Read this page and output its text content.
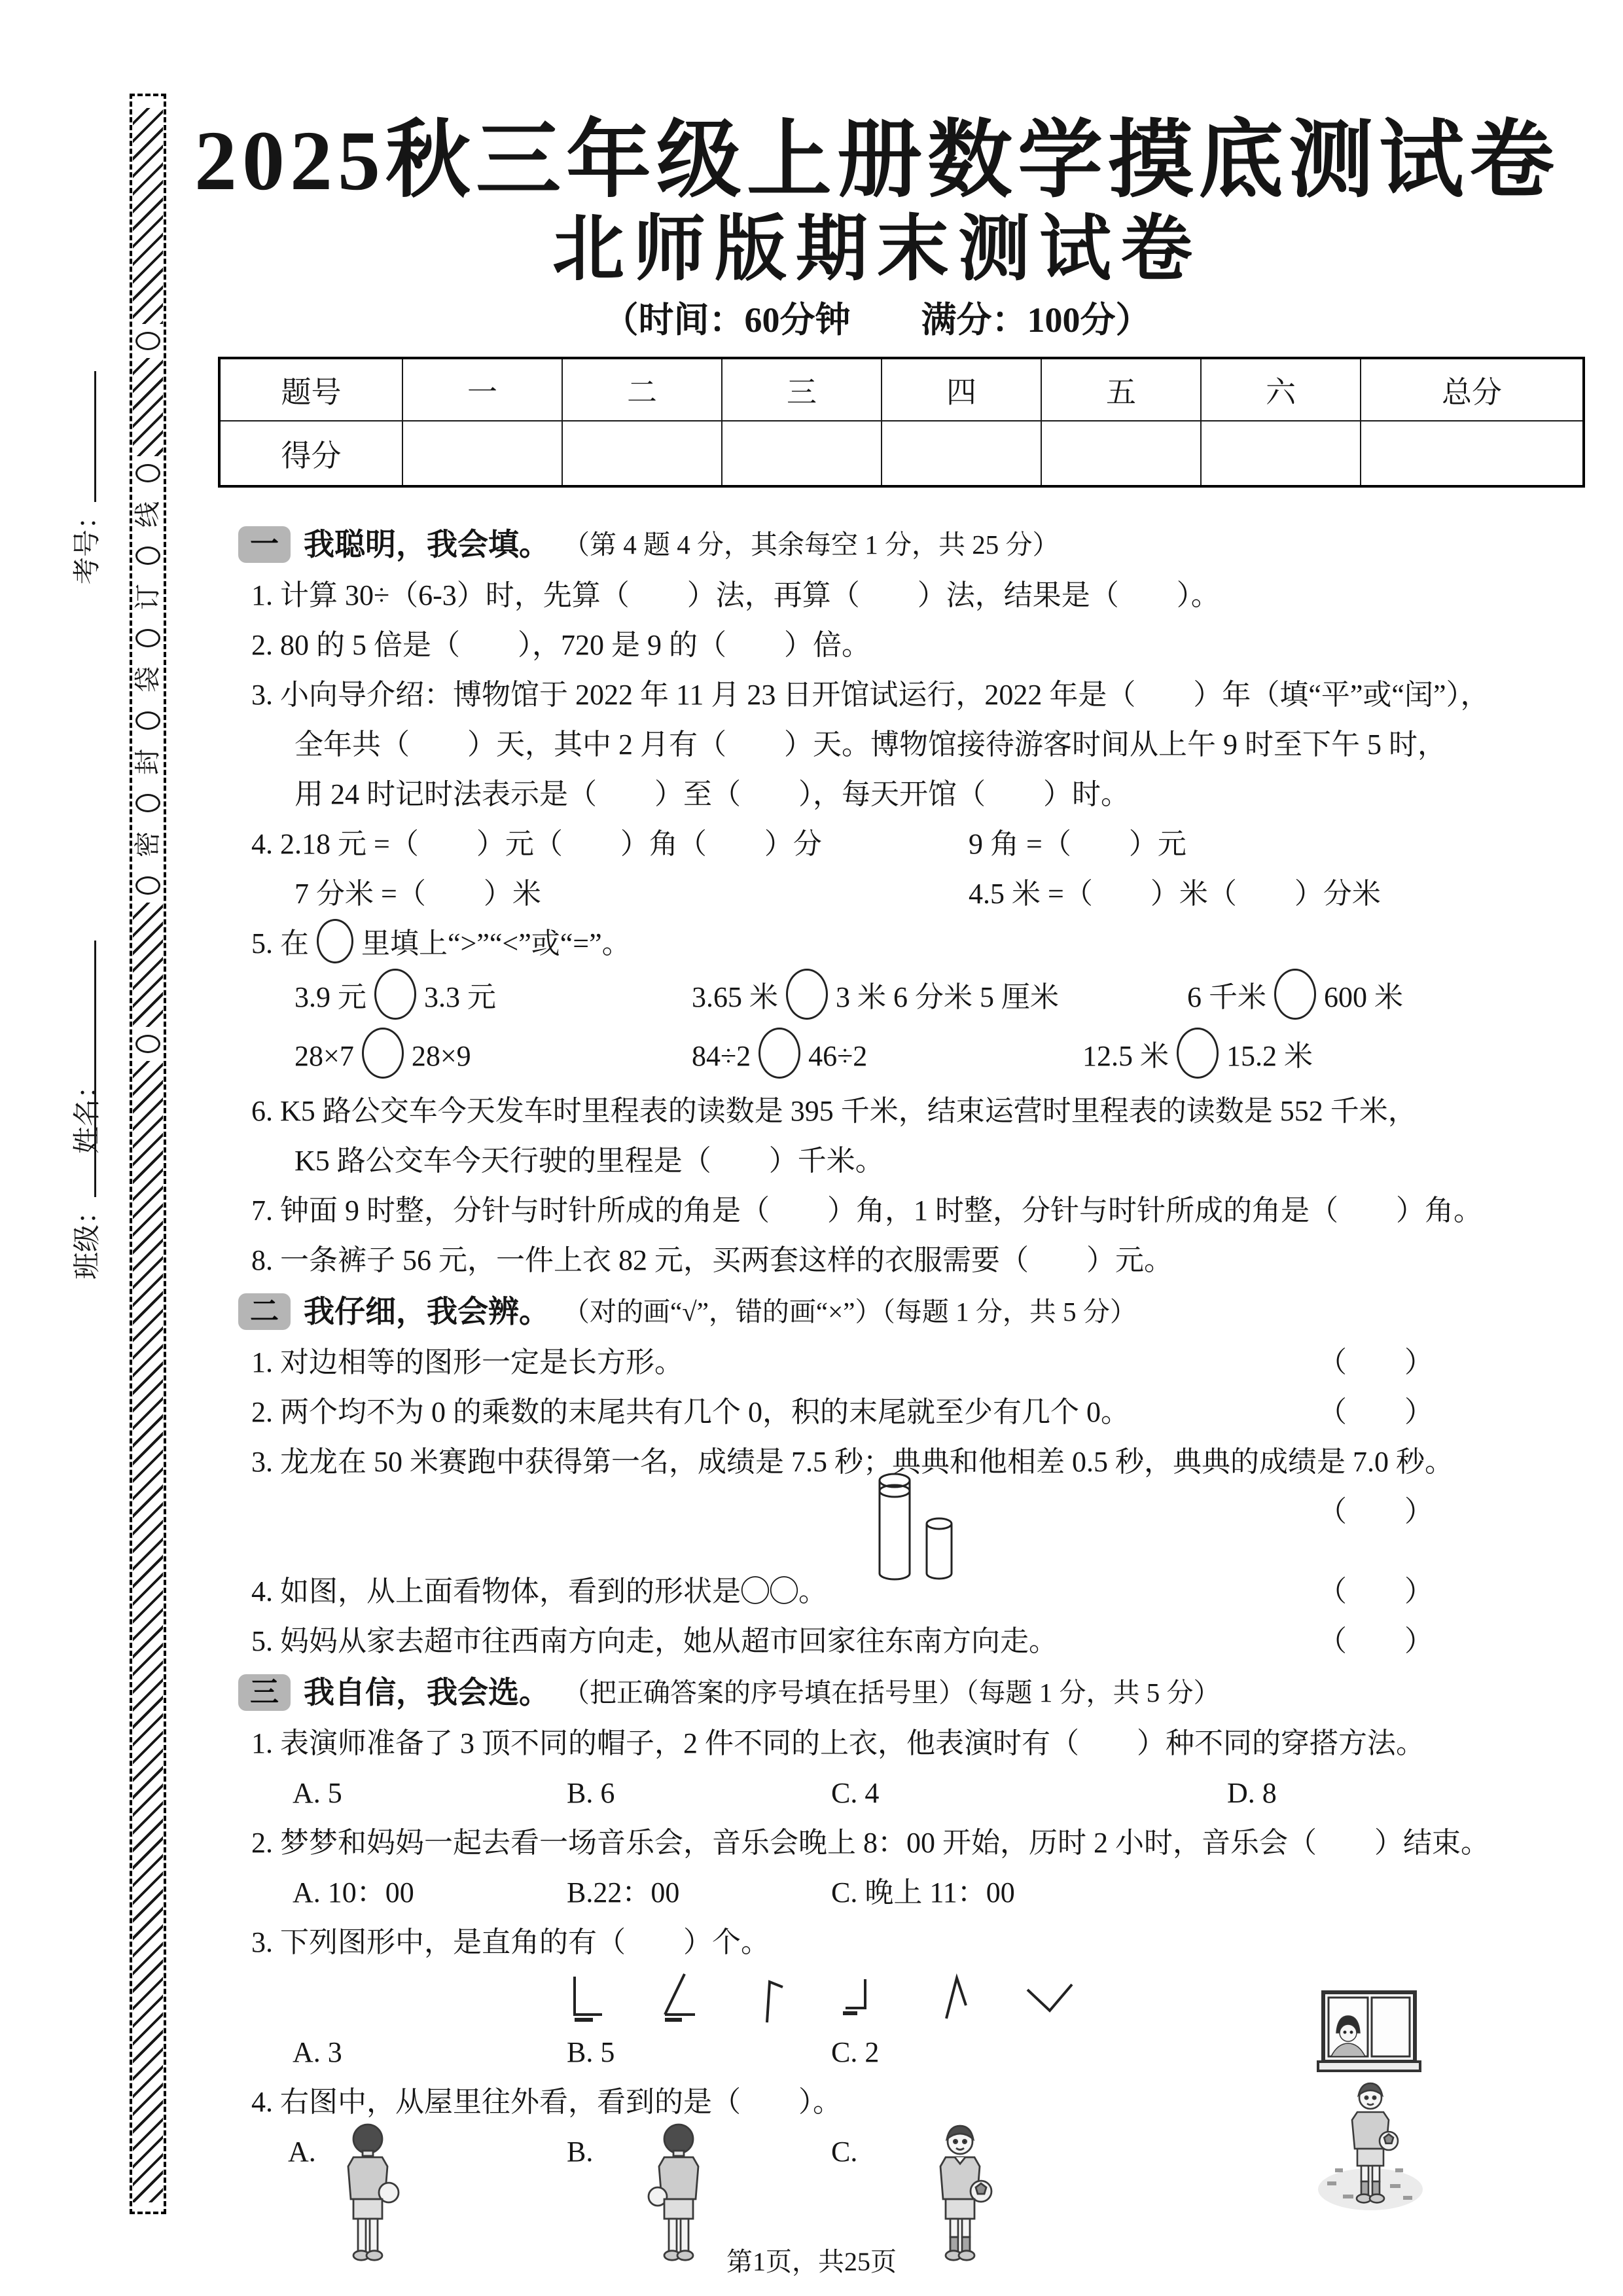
考号：
姓名：
班级：
线
订
袋
封
密
2025秋三年级上册数学摸底测试卷
北师版期末测试卷
（时间：60分钟　　满分：100分）
题号	一	二	三	四	五	六	总分
得分							
一 我聪明，我会填。 （第 4 题 4 分，其余每空 1 分，共 25 分）
1. 计算 30÷（6-3）时，先算（　　）法，再算（　　）法，结果是（　　）。
2. 80 的 5 倍是（　　），720 是 9 的（　　）倍。
3. 小向导介绍：博物馆于 2022 年 11 月 23 日开馆试运行，2022 年是（　　）年（填“平”或“闰”），
全年共（　　）天，其中 2 月有（　　）天。博物馆接待游客时间从上午 9 时至下午 5 时，
用 24 时记时法表示是（　　）至（　　），每天开馆（　　）时。
4. 2.18 元 =（　　）元（　　）角（　　）分	9 角 =（　　）元
7 分米 =（　　）米	4.5 米 =（　　）米（　　）分米
5. 在 里填上“>”“<”或“=”。
3.9 元 3.3 元	3.65 米 3 米 6 分米 5 厘米	6 千米 600 米
28×7 28×9	84÷2 46÷2	12.5 米 15.2 米
6. K5 路公交车今天发车时里程表的读数是 395 千米，结束运营时里程表的读数是 552 千米，
K5 路公交车今天行驶的里程是（　　）千米。
7. 钟面 9 时整，分针与时针所成的角是（　　）角，1 时整，分针与时针所成的角是（　　）角。
8. 一条裤子 56 元，一件上衣 82 元，买两套这样的衣服需要（　　）元。
二 我仔细，我会辨。 （对的画“√”，错的画“×”）（每题 1 分，共 5 分）
1. 对边相等的图形一定是长方形。	（　　）
2. 两个均不为 0 的乘数的末尾共有几个 0，积的末尾就至少有几个 0。	（　　）
3. 龙龙在 50 米赛跑中获得第一名，成绩是 7.5 秒；典典和他相差 0.5 秒，典典的成绩是 7.0 秒。
（　　）
4. 如图，从上面看物体，看到的形状是◯◯。	（　　）
5. 妈妈从家去超市往西南方向走，她从超市回家往东南方向走。	（　　）
三 我自信，我会选。 （把正确答案的序号填在括号里）（每题 1 分，共 5 分）
1. 表演师准备了 3 顶不同的帽子，2 件不同的上衣，他表演时有（　　）种不同的穿搭方法。
A. 5	B. 6	C. 4	D. 8
2. 梦梦和妈妈一起去看一场音乐会，音乐会晚上 8：00 开始，历时 2 小时，音乐会（　　）结束。
A. 10：00	B.22：00	C. 晚上 11：00
3. 下列图形中，是直角的有（　　）个。
A. 3	B. 5	C. 2
4. 右图中，从屋里往外看，看到的是（　　）。
A.	B.	C.

第1页，共25页
